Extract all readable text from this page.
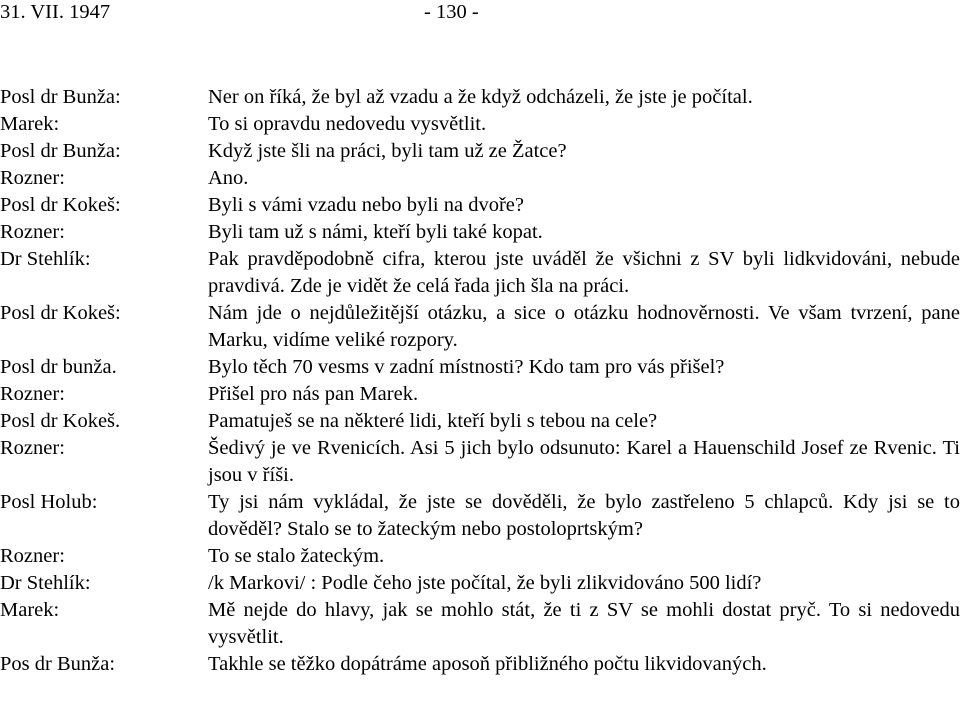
31. VII. 1947	- 130 -
Posl dr Bunža:	Ner on říká, že byl až vzadu a že když odcházeli, že jste je počítal.
Marek:	To si opravdu nedovedu vysvětlit.
Posl dr Bunža:	Když jste šli na práci, byli tam už ze Žatce?
Rozner:	Ano.
Posl dr Kokeš:	Byli s vámi vzadu nebo byli na dvoře?
Rozner:	Byli tam už s námi, kteří byli také kopat.
Dr Stehlík:	Pak pravděpodobně cifra, kterou jste uváděl že všichni z SV byli lidkvidováni, nebude pravdivá. Zde je vidět že celá řada jich šla na práci.
Posl dr Kokeš:	Nám jde o nejdůležitější otázku, a sice o otázku hodnověrnosti. Ve všam tvrzení, pane Marku, vidíme veliké rozpory.
Posl dr bunža.	Bylo těch 70 vesms v zadní místnosti? Kdo tam pro vás přišel?
Rozner:	Přišel pro nás pan Marek.
Posl dr Kokeš.	Pamatuješ se na některé lidi, kteří byli s tebou na cele?
Rozner:	Šedivý je ve Rvenicích. Asi 5 jich bylo odsunuto: Karel a Hauenschild Josef ze Rvenic. Ti jsou v říši.
Posl Holub:	Ty jsi nám vykládal, že jste se dověděli, že bylo zastřeleno 5 chlapců. Kdy jsi se to dověděl? Stalo se to žateckým nebo postoloprtským?
Rozner:	To se stalo žateckým.
Dr Stehlík:	/k Markovi/ : Podle čeho jste počítal, že byli zlikvidováno 500 lidí?
Marek:	Mě nejde do hlavy, jak se mohlo stát, že ti z SV se mohli dostat pryč. To si nedovedu vysvětlit.
Pos dr Bunža:	Takhle se těžko dopátráme aposoň přibližného počtu likvidovaných.
